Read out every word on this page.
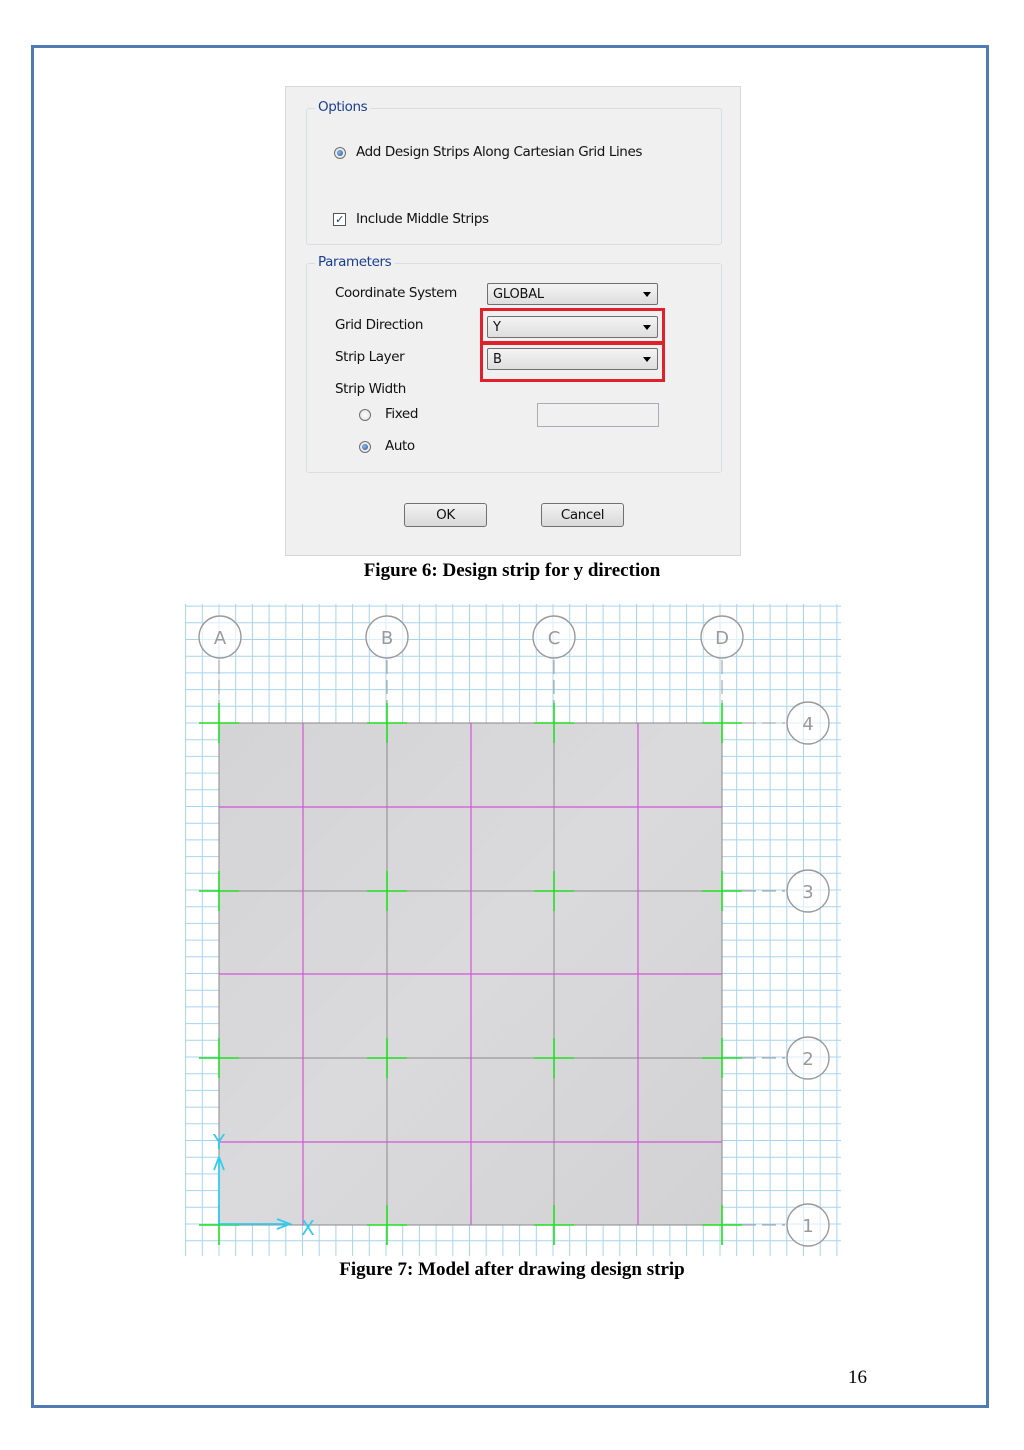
Options
Add Design Strips Along Cartesian Grid Lines
✓ Include Middle Strips
Parameters
Coordinate System	GLOBAL
Grid Direction	Y
Strip Layer	B
Strip Width
Fixed
Auto
OK	Cancel
Figure 6: Design strip for y direction
A	B	C	D
4
3
2
1
Y
X
Figure 7: Model after drawing design strip
16
